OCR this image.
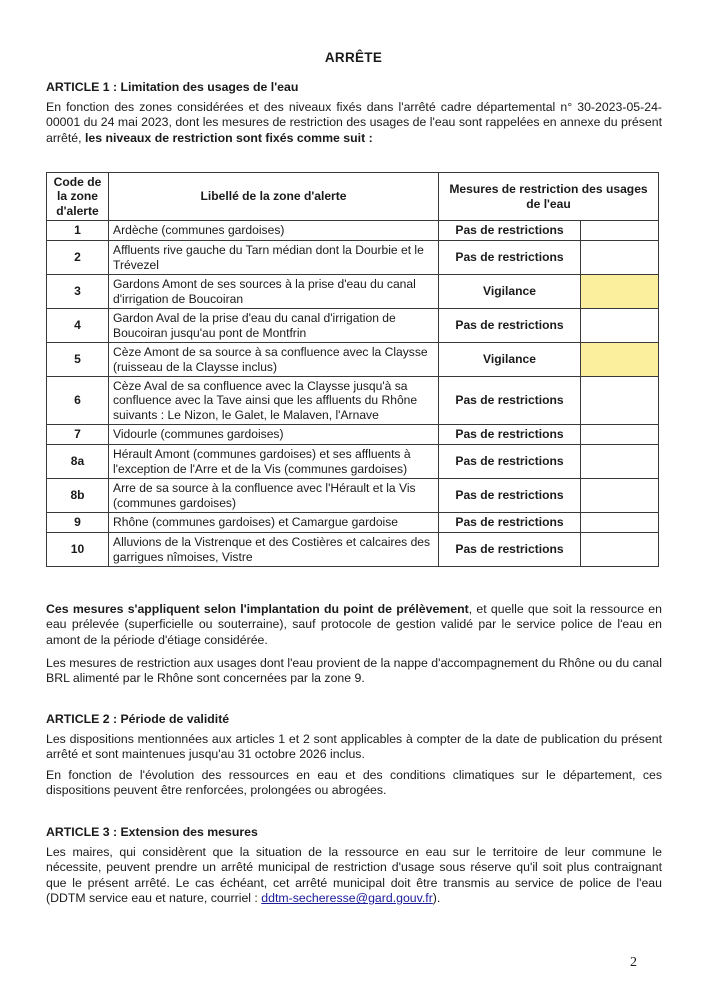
ARRÊTE
ARTICLE 1 : Limitation des usages de l'eau

En fonction des zones considérées et des niveaux fixés dans l'arrêté cadre départemental n° 30-2023-05-24-00001 du 24 mai 2023, dont les mesures de restriction des usages de l'eau sont rappelées en annexe du présent arrêté, les niveaux de restriction sont fixés comme suit :

Code de la zone d'alerte	Libellé de la zone d'alerte	Mesures de restriction des usages de l'eau	
1	Ardèche (communes gardoises)	Pas de restrictions	
2	Affluents rive gauche du Tarn médian dont la Dourbie et le Trévezel	Pas de restrictions	
3	Gardons Amont de ses sources à la prise d'eau du canal d'irrigation de Boucoiran	Vigilance	
4	Gardon Aval de la prise d'eau du canal d'irrigation de Boucoiran jusqu'au pont de Montfrin	Pas de restrictions	
5	Cèze Amont de sa source à sa confluence avec la Claysse (ruisseau de la Claysse inclus)	Vigilance	
6	Cèze Aval de sa confluence avec la Claysse jusqu'à sa confluence avec la Tave ainsi que les affluents du Rhône suivants : Le Nizon, le Galet, le Malaven, l'Arnave	Pas de restrictions	
7	Vidourle (communes gardoises)	Pas de restrictions	
8a	Hérault Amont (communes gardoises) et ses affluents à l'exception de l'Arre et de la Vis (communes gardoises)	Pas de restrictions	
8b	Arre de sa source à la confluence avec l'Hérault et la Vis (communes gardoises)	Pas de restrictions	
9	Rhône (communes gardoises) et Camargue gardoise	Pas de restrictions	
10	Alluvions de la Vistrenque et des Costières et calcaires des garrigues nîmoises, Vistre	Pas de restrictions	

Ces mesures s'appliquent selon l'implantation du point de prélèvement, et quelle que soit la ressource en eau prélevée (superficielle ou souterraine), sauf protocole de gestion validé par le service police de l'eau en amont de la période d'étiage considérée.

Les mesures de restriction aux usages dont l'eau provient de la nappe d'accompagnement du Rhône ou du canal BRL alimenté par le Rhône sont concernées par la zone 9.

ARTICLE 2 : Période de validité

Les dispositions mentionnées aux articles 1 et 2 sont applicables à compter de la date de publication du présent arrêté et sont maintenues jusqu'au 31 octobre 2026 inclus.

En fonction de l'évolution des ressources en eau et des conditions climatiques sur le département, ces dispositions peuvent être renforcées, prolongées ou abrogées.

ARTICLE 3 : Extension des mesures

Les maires, qui considèrent que la situation de la ressource en eau sur le territoire de leur commune le nécessite, peuvent prendre un arrêté municipal de restriction d'usage sous réserve qu'il soit plus contraignant que le présent arrêté. Le cas échéant, cet arrêté municipal doit être transmis au service de police de l'eau (DDTM service eau et nature, courriel : ddtm-secheresse@gard.gouv.fr).

2
